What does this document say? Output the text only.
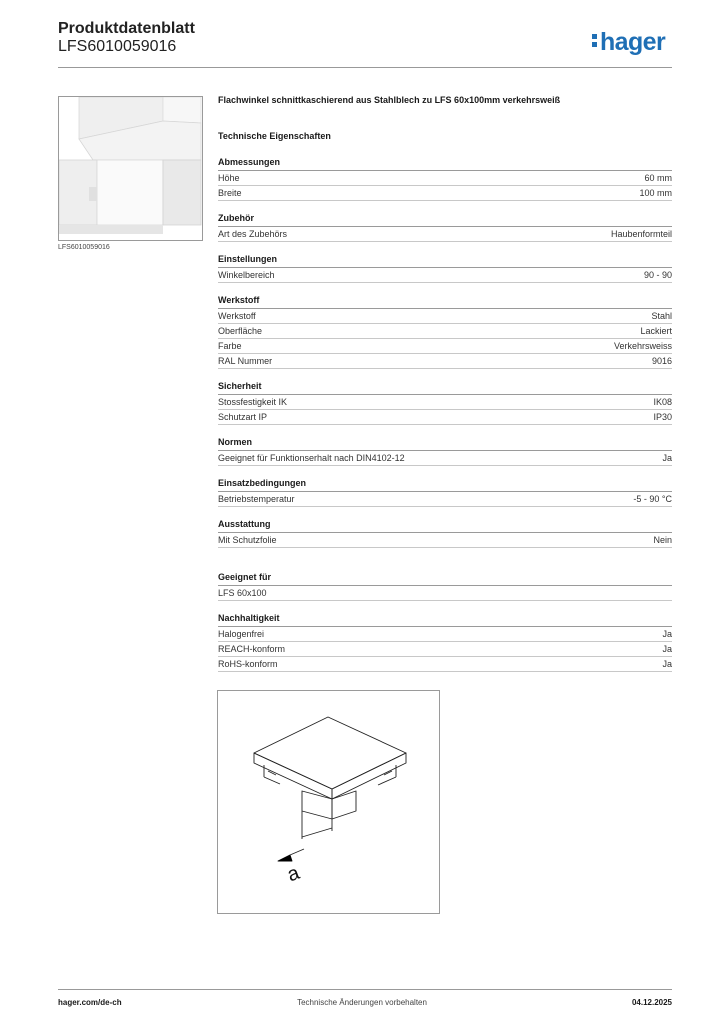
Produktdatenblatt
LFS6010059016	hager
LFS6010059016
Flachwinkel schnittkaschierend aus Stahlblech zu LFS 60x100mm verkehrsweiß
Technische Eigenschaften
Abmessungen
Höhe	60 mm
Breite	100 mm
Zubehör
Art des Zubehörs	Haubenformteil
Einstellungen
Winkelbereich	90 - 90
Werkstoff
Werkstoff	Stahl
Oberfläche	Lackiert
Farbe	Verkehrsweiss
RAL Nummer	9016
Sicherheit
Stossfestigkeit IK	IK08
Schutzart IP	IP30
Normen
Geeignet für Funktionserhalt nach DIN4102-12	Ja
Einsatzbedingungen
Betriebstemperatur	-5 - 90 °C
Ausstattung
Mit Schutzfolie	Nein
Geeignet für
LFS 60x100
Nachhaltigkeit
Halogenfrei	Ja
REACH-konform	Ja
RoHS-konform	Ja
a
hager.com/de-ch	Technische Änderungen vorbehalten	04.12.2025
